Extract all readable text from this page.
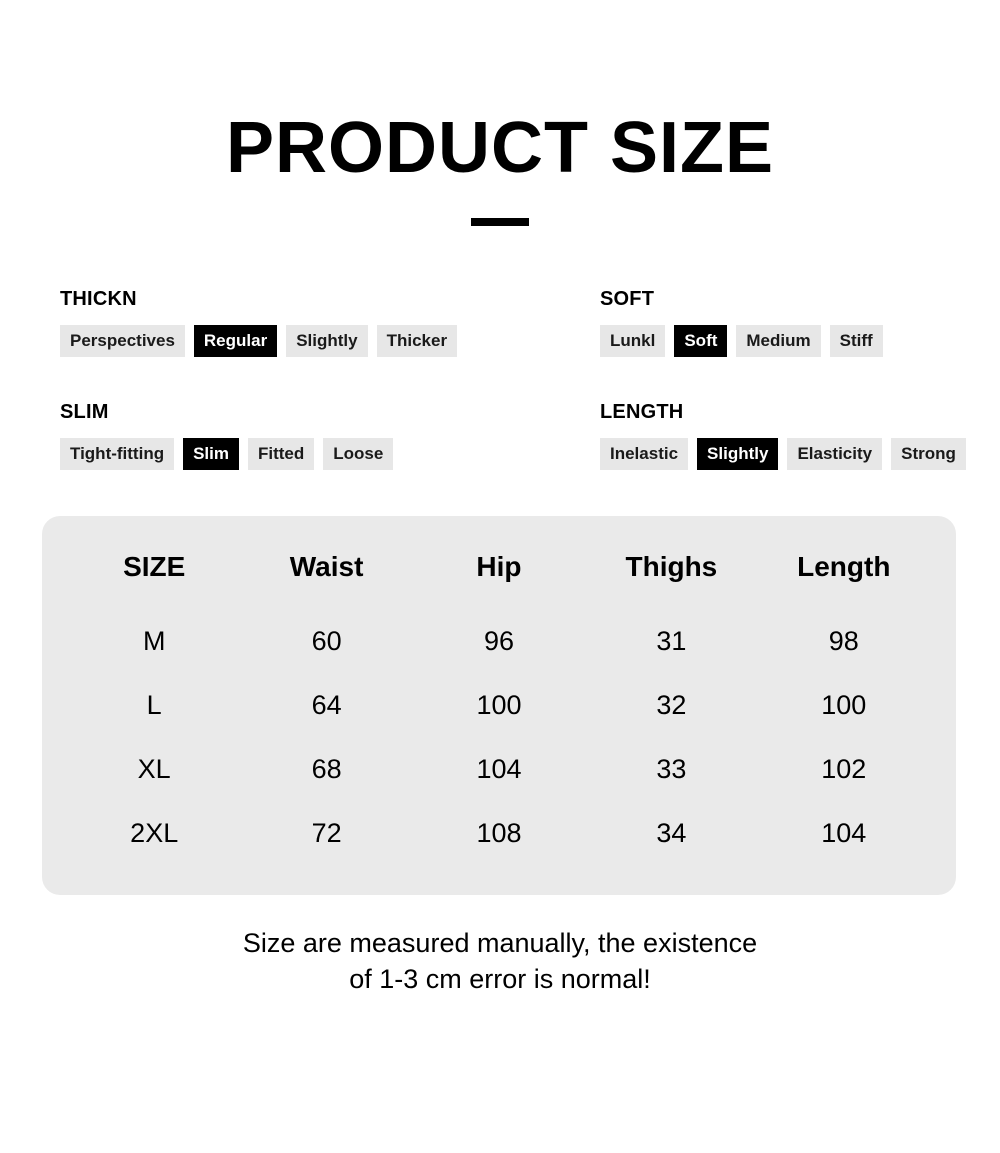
PRODUCT SIZE
THICKN
Perspectives	Regular	Slightly	Thicker
SOFT
Lunkl	Soft	Medium	Stiff
SLIM
Tight-fitting	Slim	Fitted	Loose
LENGTH
Inelastic	Slightly	Elasticity	Strong
SIZE	Waist	Hip	Thighs	Length
M	60	96	31	98
L	64	100	32	100
XL	68	104	33	102
2XL	72	108	34	104
Size are measured manually, the existence
of 1-3 cm error is normal!
